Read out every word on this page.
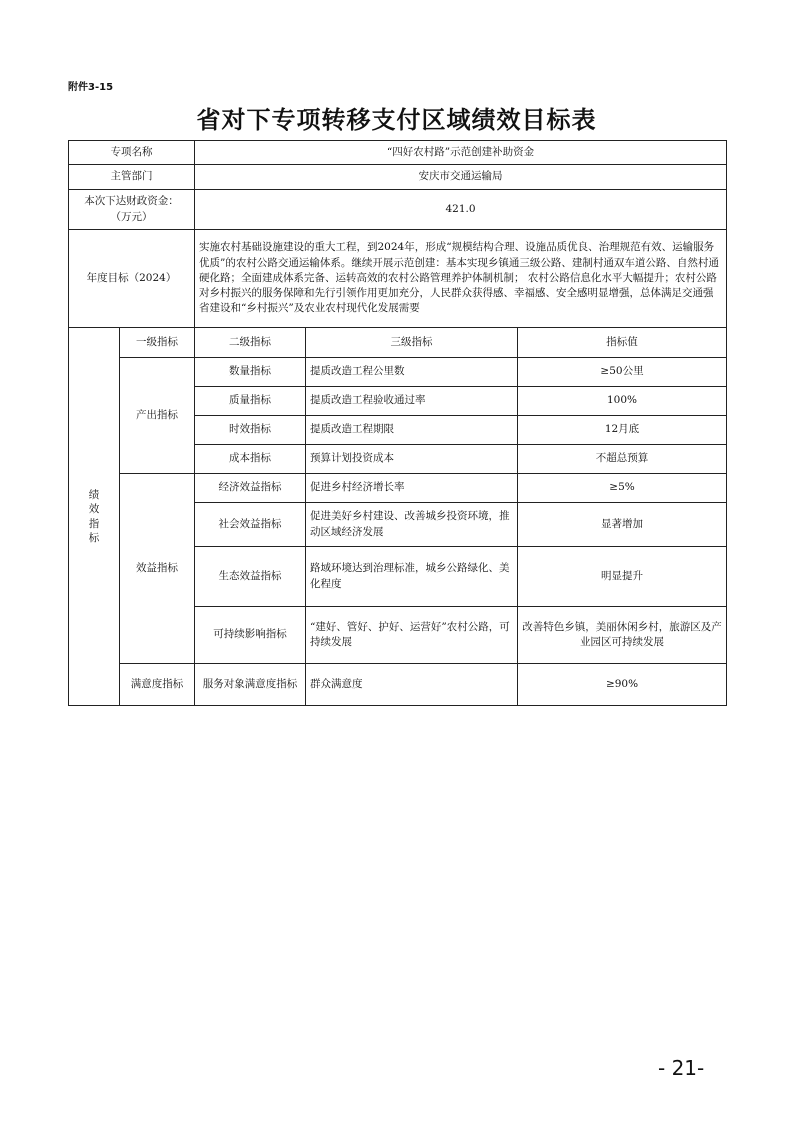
附件3-15
省对下专项转移支付区域绩效目标表
专项名称		“四好农村路”示范创建补助资金		
主管部门		安庆市交通运输局		

本次下达财政资金：
（万元）		421.0		
年度目标（2024）		实施农村基础设施建设的重大工程，到2024年，形成“规模结构合理、设施品质优良、治理规范有效、运输服务优质”的农村公路交通运输体系。继续开展示范创建：基本实现乡镇通三级公路、建制村通双车道公路、自然村通硬化路；全面建成体系完备、运转高效的农村公路管理养护体制机制； 农村公路信息化水平大幅提升；农村公路对乡村振兴的服务保障和先行引领作用更加充分，人民群众获得感、幸福感、安全感明显增强，总体满足交通强省建设和“乡村振兴”及农业农村现代化发展需要		

绩
效
指
标	一级指标	二级指标	三级指标	指标值
	产出指标	数量指标	提质改造工程公里数	≥50公里
		质量指标	提质改造工程验收通过率	100%
		时效指标	提质改造工程期限	12月底
		成本指标	预算计划投资成本	不超总预算
	效益指标	经济效益指标	促进乡村经济增长率	≥5%
		社会效益指标	促进美好乡村建设、改善城乡投资环境，推动区域经济发展	显著增加
		生态效益指标	路域环境达到治理标准，城乡公路绿化、美化程度	明显提升
		可持续影响指标	“建好、管好、护好、运营好”农村公路，可持续发展	改善特色乡镇，美丽休闲乡村，旅游区及产业园区可持续发展
	满意度指标	服务对象满意度指标	群众满意度	≥90%
- 21-
